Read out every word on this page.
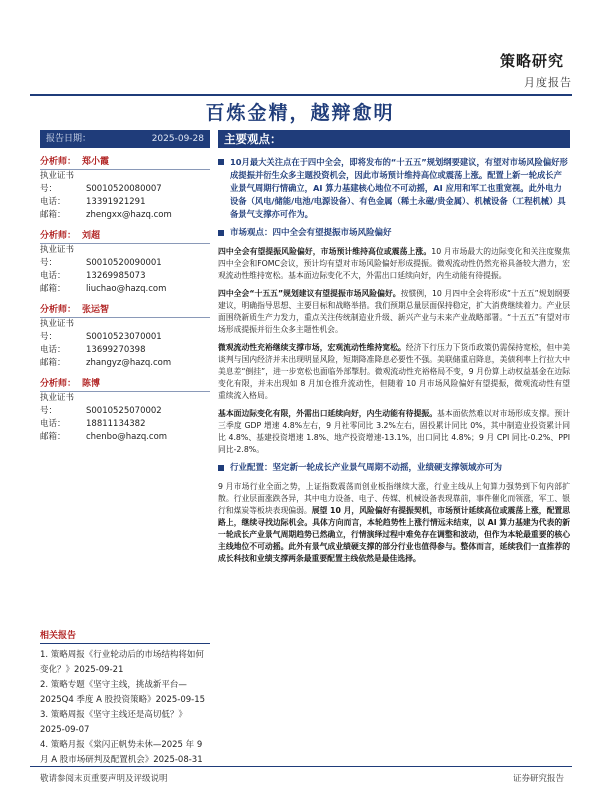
策略研究
月度报告
百炼金精，越辩愈明
报告日期：	2025-09-28
分析师： 郑小霞
执业证书号：	S0010520080007
电话： 13391921291
邮箱： zhengxx@hazq.com
分析师： 刘超
执业证书号：	S0010520090001
电话： 13269985073
邮箱： liuchao@hazq.com
分析师： 张运智
执业证书号：	S0010523070001
电话： 13699270398
邮箱： zhangyz@hazq.com
分析师： 陈博
执业证书号：	S0010525070002
电话： 18811134382
邮箱： chenbo@hazq.com
相关报告
1. 策略周报《行业轮动后的市场结构将如何变化？》2025-09-21
2. 策略专题《坚守主线，挑战新平台—2025Q4 季度 A 股投资策略》2025-09-15
3. 策略周报《坚守主线还是高切低？》2025-09-07
4. 策略月报《棠闪正帆势未休—2025 年 9 月 A 股市场研判及配置机会》2025-08-31
主要观点：
10月最大关注点在于四中全会，即将发布的“十五五”规划纲要建议，有望对市场风险偏好形成提振并衍生众多主题投资机会，因此市场预计维持高位或震荡上涨。配置上新一轮成长产业景气周期行情确立，AI 算力基建核心地位不可动摇，AI 应用和军工也重宽视。此外电力设备（风电/储能/电池/电源设备）、有色金属（稀土永磁/贵金属）、机械设备（工程机械）具备景气支撑亦可作为。
市场观点：四中全会有望提振市场风险偏好
四中全会有望提振风险偏好，市场预计维持高位或震荡上涨。10 月市场最大的边际变化和关注度聚焦四中全会和FOMC会议，预计均有望对市场风险偏好形成提振。微观流动性仍然充裕具备较大潜力，宏观流动性维持宽松。基本面边际变化不大，外需出口延续向好，内生动能有待提振。
四中全会“十五五”规划建议有望提振市场风险偏好。按惯例，10 月四中全会将形成“十五五”规划纲要建议，明确指导思想、主要目标和战略举措。我们预期总量层面保持稳定，扩大消费继续着力。产业层面围绕新质生产力发力，重点关注传统制造业升级、新兴产业与未来产业战略部署。“十五五”有望对市场形成提振并衍生众多主题性机会。
微观流动性充裕继续支撑市场，宏观流动性维持宽松。经济下行压力下货币政策仍需保持宽松，但中美谈判与国内经济并未出现明显风险，短期降准降息必要性不强。美联储重启降息，美债利率上行拉大中美息差“倒挂”，进一步宽松也面临外部掣肘。微观流动性充裕格局不变，9 月份算上动权益基金在边际变化有限，并未出现如 8 月加仓推升流动性，但随着 10 月市场风险偏好有望提振，微观流动性有望重续流入格局。
基本面边际变化有限，外需出口延续向好，内生动能有待提振。基本面依然难以对市场形成支撑。预计三季度 GDP 增速 4.8%左右，9 月社零同比 3.2%左右，固投累计同比 0%，其中制造业投资累计同比 4.8%、基建投资增速 1.8%、地产投资增速-13.1%，出口同比 4.8%；9 月 CPI 同比-0.2%、PPI 同比-2.8%。
行业配置：坚定新一轮成长产业景气周期不动摇，业绩硬支撑领域亦可为
9 月市场行业全面之势，上证指数震荡而创业板指继续大涨，行业主线从上旬算力强势到下旬内部扩散。行业层面涨跌各异，其中电力设备、电子、传媒、机械设备表现靠前，事件催化而领涨，军工、银行和煤炭等板块表现偏弱。展望 10 月，风险偏好有提振契机，市场预计延续高位或震荡上涨，配置思路上，继续寻找边际机会。具体方向而言，本轮趋势性上涨行情远未结束，以 AI 算力基建为代表的新一轮成长产业景气周期趋势已然确立，行情演绎过程中难免存在调整和波动，但作为本轮最重要的核心主线地位不可动摇。此外有景气成业绩硬支撑的部分行业也值得参与。整体而言，延续我们一直推荐的成长科技和业绩支撑两条最重要配置主线依然是最佳选择。
敬请参阅末页重要声明及评级说明	证券研究报告
